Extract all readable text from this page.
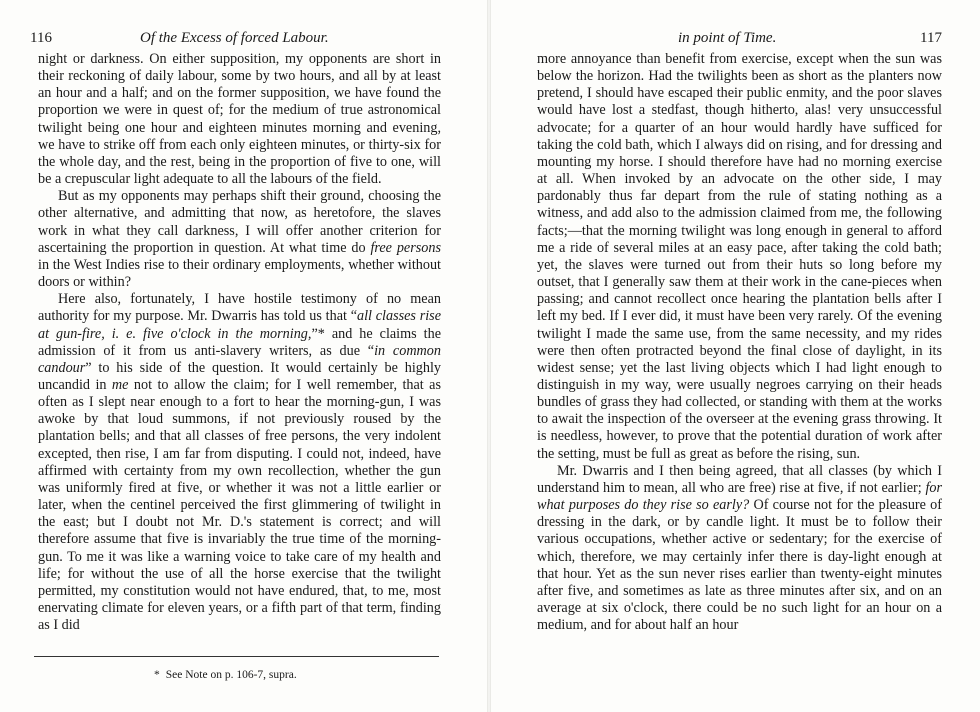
116	Of the Excess of forced Labour.

night or darkness. On either supposition, my opponents are short in their reckoning of daily labour, some by two hours, and all by at least an hour and a half; and on the former supposition, we have found the proportion we were in quest of; for the medium of true astronomical twilight being one hour and eighteen minutes morning and evening, we have to strike off from each only eighteen minutes, or thirty-six for the whole day, and the rest, being in the proportion of five to one, will be a crepuscular light adequate to all the labours of the field.

But as my opponents may perhaps shift their ground, choosing the other alternative, and admitting that now, as heretofore, the slaves work in what they call darkness, I will offer another criterion for ascertaining the proportion in question. At what time do free persons in the West Indies rise to their ordinary employments, whether without doors or within?

Here also, fortunately, I have hostile testimony of no mean authority for my purpose. Mr. Dwarris has told us that “all classes rise at gun-fire, i. e. five o'clock in the morning,”* and he claims the admission of it from us anti-slavery writers, as due “in common candour” to his side of the question. It would certainly be highly uncandid in me not to allow the claim; for I well remember, that as often as I slept near enough to a fort to hear the morning-gun, I was awoke by that loud summons, if not previously roused by the plantation bells; and that all classes of free persons, the very indolent excepted, then rise, I am far from disputing. I could not, indeed, have affirmed with certainty from my own recollection, whether the gun was uniformly fired at five, or whether it was not a little earlier or later, when the centinel perceived the first glimmering of twilight in the east; but I doubt not Mr. D.'s statement is correct; and will therefore assume that five is invariably the true time of the morning-gun. To me it was like a warning voice to take care of my health and life; for without the use of all the horse exercise that the twilight permitted, my constitution would not have endured, that, to me, most enervating climate for eleven years, or a fifth part of that term, finding as I did

* See Note on p. 106-7, supra.
in point of Time.	117

more annoyance than benefit from exercise, except when the sun was below the horizon. Had the twilights been as short as the planters now pretend, I should have escaped their public enmity, and the poor slaves would have lost a stedfast, though hitherto, alas! very unsuccessful advocate; for a quarter of an hour would hardly have sufficed for taking the cold bath, which I always did on rising, and for dressing and mounting my horse. I should therefore have had no morning exercise at all. When invoked by an advocate on the other side, I may pardonably thus far depart from the rule of stating nothing as a witness, and add also to the admission claimed from me, the following facts;—that the morning twilight was long enough in general to afford me a ride of several miles at an easy pace, after taking the cold bath; yet, the slaves were turned out from their huts so long before my outset, that I generally saw them at their work in the cane-pieces when passing; and cannot recollect once hearing the plantation bells after I left my bed. If I ever did, it must have been very rarely. Of the evening twilight I made the same use, from the same necessity, and my rides were then often protracted beyond the final close of daylight, in its widest sense; yet the last living objects which I had light enough to distinguish in my way, were usually negroes carrying on their heads bundles of grass they had collected, or standing with them at the works to await the inspection of the overseer at the evening grass throwing. It is needless, however, to prove that the potential duration of work after the setting, must be full as great as before the rising, sun.

Mr. Dwarris and I then being agreed, that all classes (by which I understand him to mean, all who are free) rise at five, if not earlier; for what purposes do they rise so early? Of course not for the pleasure of dressing in the dark, or by candle light. It must be to follow their various occupations, whether active or sedentary; for the exercise of which, therefore, we may certainly infer there is day-light enough at that hour. Yet as the sun never rises earlier than twenty-eight minutes after five, and sometimes as late as three minutes after six, and on an average at six o'clock, there could be no such light for an hour on a medium, and for about half an hour
